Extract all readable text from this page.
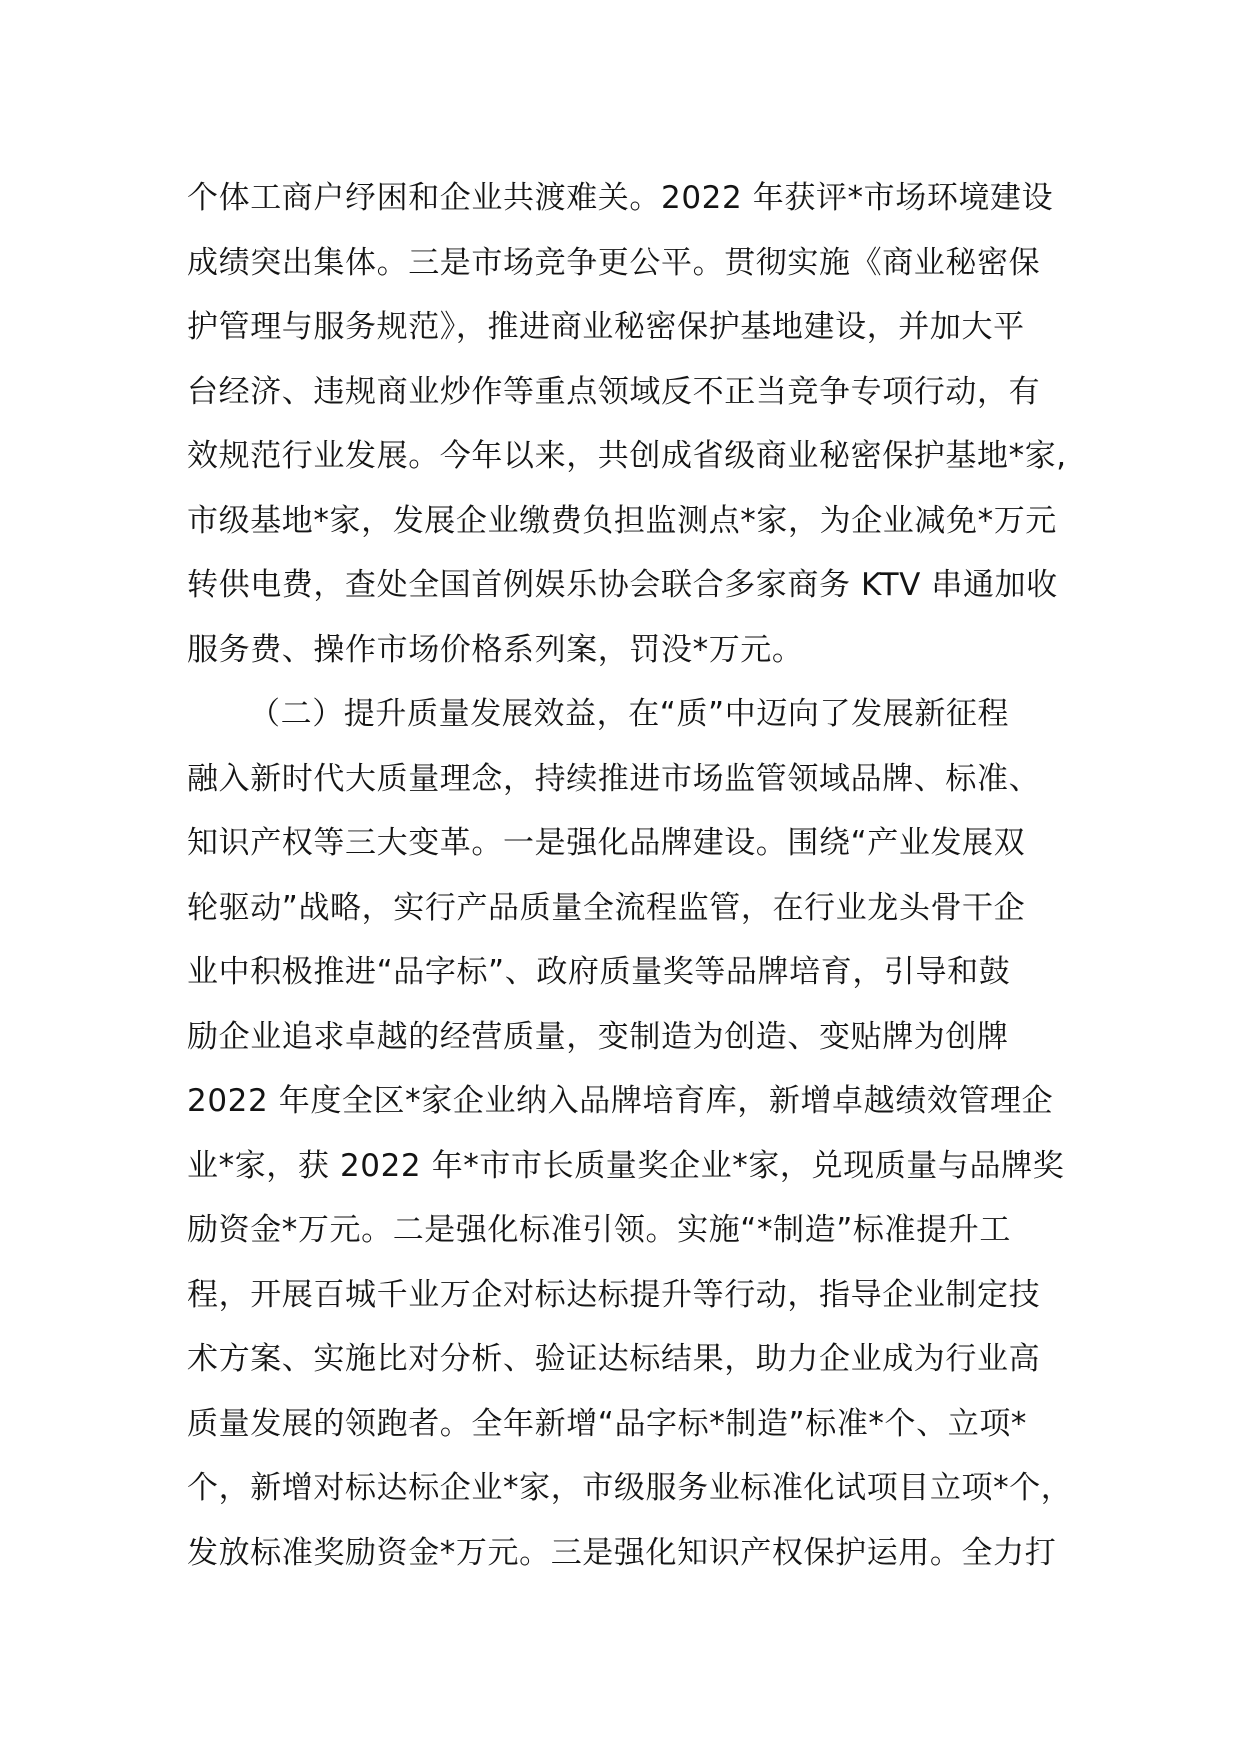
个体工商户纾困和企业共渡难关。2022 年获评*市场环境建设
成绩突出集体。三是市场竞争更公平。贯彻实施《商业秘密保
护管理与服务规范》，推进商业秘密保护基地建设，并加大平
台经济、违规商业炒作等重点领域反不正当竞争专项行动，有
效规范行业发展。今年以来，共创成省级商业秘密保护基地*家,
市级基地*家，发展企业缴费负担监测点*家，为企业减免*万元
转供电费，查处全国首例娱乐协会联合多家商务 KTV 串通加收
服务费、操作市场价格系列案，罚没*万元。
（二）提升质量发展效益，在“质”中迈向了发展新征程
融入新时代大质量理念，持续推进市场监管领域品牌、标准、
知识产权等三大变革。一是强化品牌建设。围绕“产业发展双
轮驱动”战略，实行产品质量全流程监管，在行业龙头骨干企
业中积极推进“品字标”、政府质量奖等品牌培育，引导和鼓
励企业追求卓越的经营质量，变制造为创造、变贴牌为创牌
2022 年度全区*家企业纳入品牌培育库，新增卓越绩效管理企
业*家，获 2022 年*市市长质量奖企业*家，兑现质量与品牌奖
励资金*万元。二是强化标准引领。实施“*制造”标准提升工
程，开展百城千业万企对标达标提升等行动，指导企业制定技
术方案、实施比对分析、验证达标结果，助力企业成为行业高
质量发展的领跑者。全年新增“品字标*制造”标准*个、立项*
个，新增对标达标企业*家，市级服务业标准化试项目立项*个，
发放标准奖励资金*万元。三是强化知识产权保护运用。全力打
